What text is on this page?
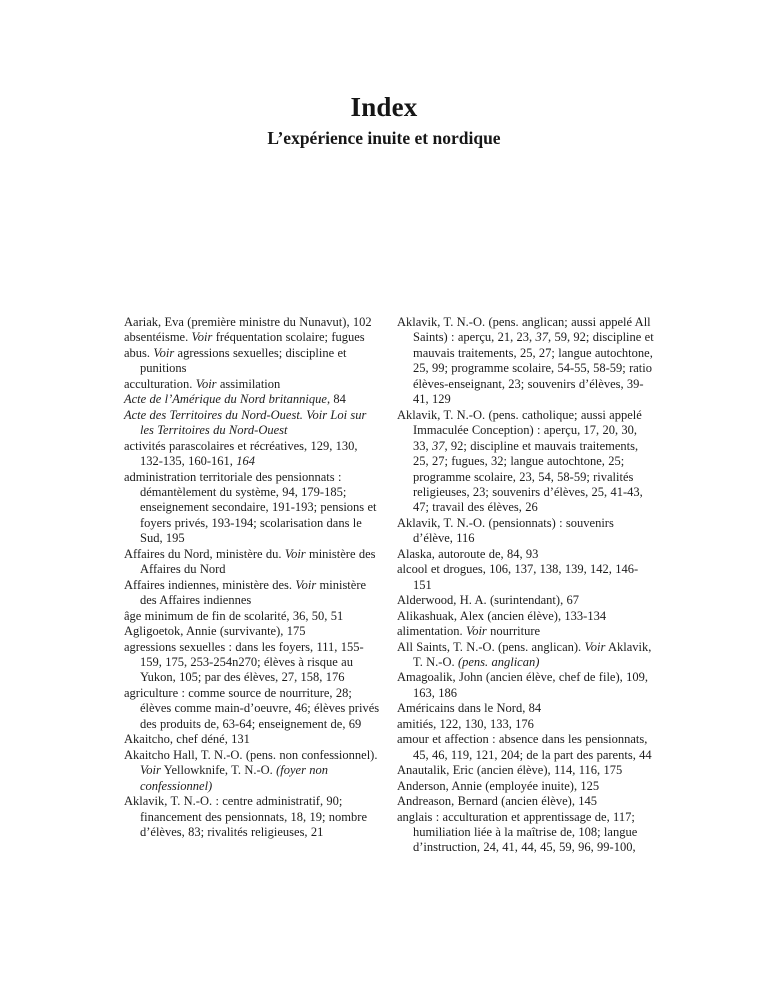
Index
L’expérience inuite et nordique

Aariak, Eva (première ministre du Nunavut), 102

absentéisme. Voir fréquentation scolaire; fugues

abus. Voir agressions sexuelles; discipline et punitions

acculturation. Voir assimilation

Acte de l’Amérique du Nord britannique, 84

Acte des Territoires du Nord-Ouest. Voir Loi sur les Territoires du Nord-Ouest

activités parascolaires et récréatives, 129, 130, 132-135, 160-161, 164

administration territoriale des pensionnats : démantèlement du système, 94, 179-185; enseignement secondaire, 191-193; pensions et foyers privés, 193-194; scolarisation dans le Sud, 195

Affaires du Nord, ministère du. Voir ministère des Affaires du Nord

Affaires indiennes, ministère des. Voir ministère des Affaires indiennes

âge minimum de fin de scolarité, 36, 50, 51

Agligoetok, Annie (survivante), 175

agressions sexuelles : dans les foyers, 111, 155-159, 175, 253-254n270; élèves à risque au Yukon, 105; par des élèves, 27, 158, 176

agriculture : comme source de nourriture, 28; élèves comme main-d’oeuvre, 46; élèves privés des produits de, 63-64; enseignement de, 69

Akaitcho, chef déné, 131

Akaitcho Hall, T. N.-O. (pens. non confessionnel). Voir Yellowknife, T. N.-O. (foyer non confessionnel)

Aklavik, T. N.-O. : centre administratif, 90; financement des pensionnats, 18, 19; nombre d’élèves, 83; rivalités religieuses, 21

Aklavik, T. N.-O. (pens. anglican; aussi appelé All Saints) : aperçu, 21, 23, 37, 59, 92; discipline et mauvais traitements, 25, 27; langue autochtone, 25, 99; programme scolaire, 54-55, 58-59; ratio élèves-enseignant, 23; souvenirs d’élèves, 39-41, 129

Aklavik, T. N.-O. (pens. catholique; aussi appelé Immaculée Conception) : aperçu, 17, 20, 30, 33, 37, 92; discipline et mauvais traitements, 25, 27; fugues, 32; langue autochtone, 25; programme scolaire, 23, 54, 58-59; rivalités religieuses, 23; souvenirs d’élèves, 25, 41-43, 47; travail des élèves, 26

Aklavik, T. N.-O. (pensionnats) : souvenirs d’élève, 116

Alaska, autoroute de, 84, 93

alcool et drogues, 106, 137, 138, 139, 142, 146-151

Alderwood, H. A. (surintendant), 67

Alikashuak, Alex (ancien élève), 133-134

alimentation. Voir nourriture

All Saints, T. N.-O. (pens. anglican). Voir Aklavik, T. N.-O. (pens. anglican)

Amagoalik, John (ancien élève, chef de file), 109, 163, 186

Américains dans le Nord, 84

amitiés, 122, 130, 133, 176

amour et affection : absence dans les pensionnats, 45, 46, 119, 121, 204; de la part des parents, 44

Anautalik, Eric (ancien élève), 114, 116, 175

Anderson, Annie (employée inuite), 125

Andreason, Bernard (ancien élève), 145

anglais : acculturation et apprentissage de, 117; humiliation liée à la maîtrise de, 108; langue d’instruction, 24, 41, 44, 45, 59, 96, 99-100,
